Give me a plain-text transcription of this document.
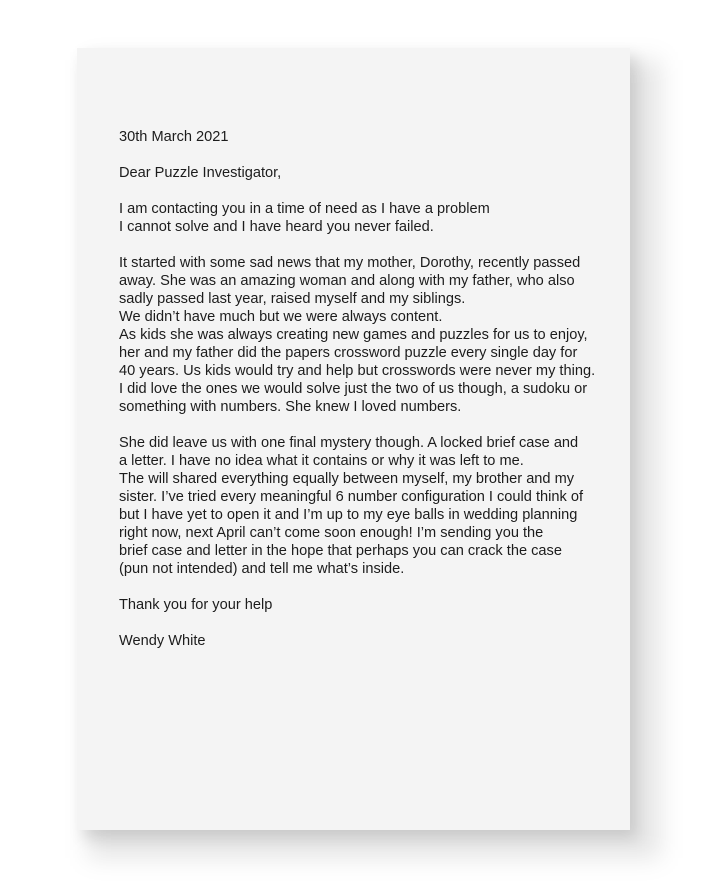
30th March 2021
Dear Puzzle Investigator,
I am contacting you in a time of need as I have a problem
I cannot solve and I have heard you never failed.
It started with some sad news that my mother, Dorothy, recently passed
away. She was an amazing woman and along with my father, who also
sadly passed last year, raised myself and my siblings.
We didn’t have much but we were always content.
As kids she was always creating new games and puzzles for us to enjoy,
her and my father did the papers crossword puzzle every single day for
40 years. Us kids would try and help but crosswords were never my thing.
I did love the ones we would solve just the two of us though, a sudoku or
something with numbers. She knew I loved numbers.
She did leave us with one final mystery though. A locked brief case and
a letter. I have no idea what it contains or why it was left to me.
The will shared everything equally between myself, my brother and my
sister. I’ve tried every meaningful 6 number configuration I could think of
but I have yet to open it and I’m up to my eye balls in wedding planning
right now, next April can’t come soon enough! I’m sending you the
brief case and letter in the hope that perhaps you can crack the case
(pun not intended) and tell me what’s inside.
Thank you for your help
Wendy White
